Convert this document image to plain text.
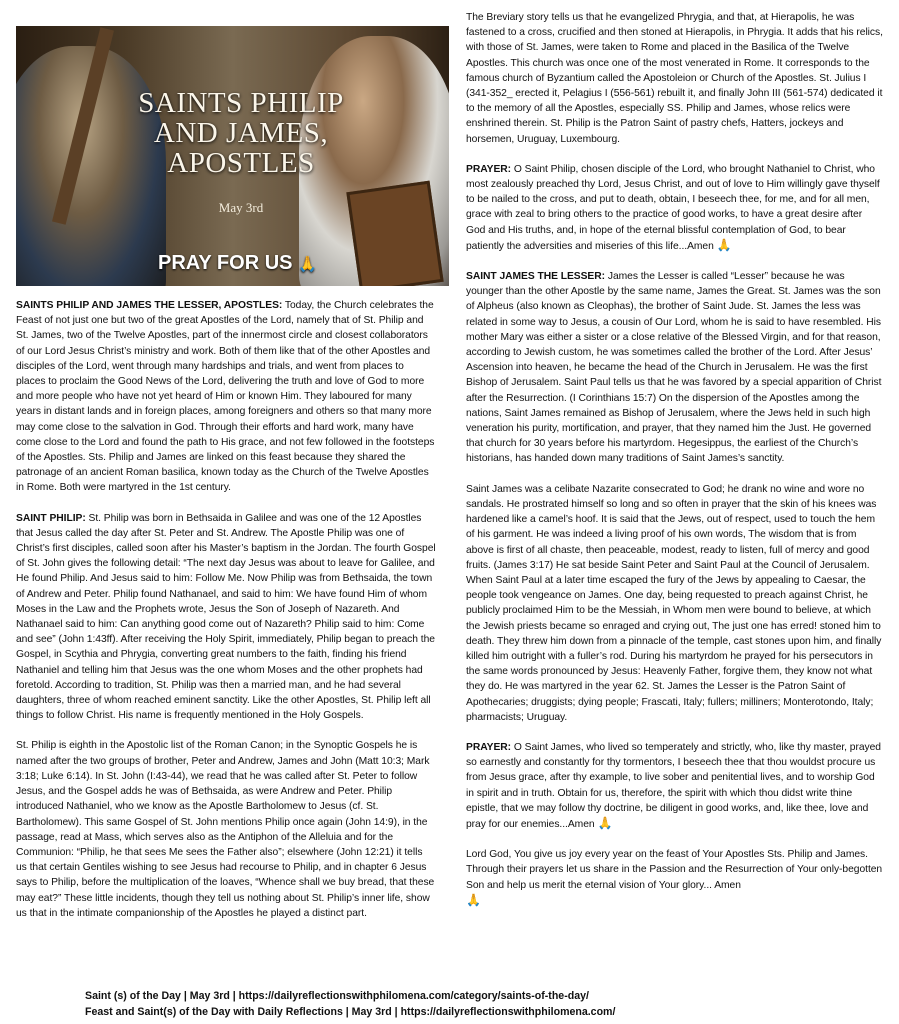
SAINTS PHILIP
AND JAMES,
APOSTLES
May 3rd
PRAY FOR US 🙏

SAINTS PHILIP AND JAMES THE LESSER, APOSTLES: Today, the Church celebrates the Feast of not just one but two of the great Apostles of the Lord, namely that of St. Philip and St. James, two of the Twelve Apostles, part of the innermost circle and closest collaborators of our Lord Jesus Christ’s ministry and work. Both of them like that of the other Apostles and disciples of the Lord, went through many hardships and trials, and went from places to places to proclaim the Good News of the Lord, delivering the truth and love of God to more and more people who have not yet heard of Him or known Him. They laboured for many years in distant lands and in foreign places, among foreigners and others so that many more may come close to the salvation in God. Through their efforts and hard work, many have come close to the Lord and found the path to His grace, and not few followed in the footsteps of the Apostles. Sts. Philip and James are linked on this feast because they shared the patronage of an ancient Roman basilica, known today as the Church of the Twelve Apostles in Rome. Both were martyred in the 1st century.

SAINT PHILIP: St. Philip was born in Bethsaida in Galilee and was one of the 12 Apostles that Jesus called the day after St. Peter and St. Andrew. The Apostle Philip was one of Christ’s first disciples, called soon after his Master’s baptism in the Jordan. The fourth Gospel of St. John gives the following detail: “The next day Jesus was about to leave for Galilee, and He found Philip. And Jesus said to him: Follow Me. Now Philip was from Bethsaida, the town of Andrew and Peter. Philip found Nathanael, and said to him: We have found Him of whom Moses in the Law and the Prophets wrote, Jesus the Son of Joseph of Nazareth. And Nathanael said to him: Can anything good come out of Nazareth? Philip said to him: Come and see” (John 1:43ff). After receiving the Holy Spirit, immediately, Philip began to preach the Gospel, in Scythia and Phrygia, converting great numbers to the faith, finding his friend Nathaniel and telling him that Jesus was the one whom Moses and the other prophets had foretold. According to tradition, St. Philip was then a married man, and he had several daughters, three of whom reached eminent sanctity. Like the other Apostles, St. Philip left all things to follow Christ. His name is frequently mentioned in the Holy Gospels.

St. Philip is eighth in the Apostolic list of the Roman Canon; in the Synoptic Gospels he is named after the two groups of brother, Peter and Andrew, James and John (Matt 10:3; Mark 3:18; Luke 6:14). In St. John (I:43-44), we read that he was called after St. Peter to follow Jesus, and the Gospel adds he was of Bethsaida, as were Andrew and Peter. Philip introduced Nathaniel, who we know as the Apostle Bartholomew to Jesus (cf. St. Bartholomew). This same Gospel of St. John mentions Philip once again (John 14:9), in the passage, read at Mass, which serves also as the Antiphon of the Alleluia and for the Communion: “Philip, he that sees Me sees the Father also”; elsewhere (John 12:21) it tells us that certain Gentiles wishing to see Jesus had recourse to Philip, and in chapter 6 Jesus says to Philip, before the multiplication of the loaves, “Whence shall we buy bread, that these may eat?” These little incidents, though they tell us nothing about St. Philip’s inner life, show us that in the intimate companionship of the Apostles he played a distinct part.

The Breviary story tells us that he evangelized Phrygia, and that, at Hierapolis, he was fastened to a cross, crucified and then stoned at Hierapolis, in Phrygia. It adds that his relics, with those of St. James, were taken to Rome and placed in the Basilica of the Twelve Apostles. This church was once one of the most venerated in Rome. It corresponds to the famous church of Byzantium called the Apostoleion or Church of the Apostles. St. Julius I (341-352_ erected it, Pelagius I (556-561) rebuilt it, and finally John III (561-574) dedicated it to the memory of all the Apostles, especially SS. Philip and James, whose relics were enshrined therein. St. Philip is the Patron Saint of pastry chefs, Hatters, jockeys and horsemen, Uruguay, Luxembourg.

PRAYER: O Saint Philip, chosen disciple of the Lord, who brought Nathaniel to Christ, who most zealously preached thy Lord, Jesus Christ, and out of love to Him willingly gave thyself to be nailed to the cross, and put to death, obtain, I beseech thee, for me, and for all men, grace with zeal to bring others to the practice of good works, to have a great desire after God and His truths, and, in hope of the eternal blissful contemplation of God, to bear patiently the adversities and miseries of this life...Amen 🙏

SAINT JAMES THE LESSER: James the Lesser is called “Lesser” because he was younger than the other Apostle by the same name, James the Great. St. James was the son of Alpheus (also known as Cleophas), the brother of Saint Jude. St. James the less was related in some way to Jesus, a cousin of Our Lord, whom he is said to have resembled. His mother Mary was either a sister or a close relative of the Blessed Virgin, and for that reason, according to Jewish custom, he was sometimes called the brother of the Lord. After Jesus’ Ascension into heaven, he became the head of the Church in Jerusalem. He was the first Bishop of Jerusalem. Saint Paul tells us that he was favored by a special apparition of Christ after the Resurrection. (I Corinthians 15:7) On the dispersion of the Apostles among the nations, Saint James remained as Bishop of Jerusalem, where the Jews held in such high veneration his purity, mortification, and prayer, that they named him the Just. He governed that church for 30 years before his martyrdom. Hegesippus, the earliest of the Church’s historians, has handed down many traditions of Saint James’s sanctity.

Saint James was a celibate Nazarite consecrated to God; he drank no wine and wore no sandals. He prostrated himself so long and so often in prayer that the skin of his knees was hardened like a camel’s hoof. It is said that the Jews, out of respect, used to touch the hem of his garment. He was indeed a living proof of his own words, The wisdom that is from above is first of all chaste, then peaceable, modest, ready to listen, full of mercy and good fruits. (James 3:17) He sat beside Saint Peter and Saint Paul at the Council of Jerusalem. When Saint Paul at a later time escaped the fury of the Jews by appealing to Caesar, the people took vengeance on James. One day, being requested to preach against Christ, he publicly proclaimed Him to be the Messiah, in Whom men were bound to believe, at which the Jewish priests became so enraged and crying out, The just one has erred! stoned him to death. They threw him down from a pinnacle of the temple, cast stones upon him, and finally killed him outright with a fuller’s rod. During his martyrdom he prayed for his persecutors in the same words pronounced by Jesus: Heavenly Father, forgive them, they know not what they do. He was martyred in the year 62. St. James the Lesser is the Patron Saint of Apothecaries; druggists; dying people; Frascati, Italy; fullers; milliners; Monterotondo, Italy; pharmacists; Uruguay.

PRAYER: O Saint James, who lived so temperately and strictly, who, like thy master, prayed so earnestly and constantly for thy tormentors, I beseech thee that thou wouldst procure us from Jesus grace, after thy example, to live sober and penitential lives, and to worship God in spirit and in truth. Obtain for us, therefore, the spirit with which thou didst write thine epistle, that we may follow thy doctrine, be diligent in good works, and, like thee, love and pray for our enemies...Amen 🙏

Lord God, You give us joy every year on the feast of Your Apostles Sts. Philip and James. Through their prayers let us share in the Passion and the Resurrection of Your only-begotten Son and help us merit the eternal vision of Your glory... Amen
🙏

Saint (s) of the Day | May 3rd | https://dailyreflectionswithphilomena.com/category/saints-of-the-day/
Feast and Saint(s) of the Day with Daily Reflections | May 3rd | https://dailyreflectionswithphilomena.com/
